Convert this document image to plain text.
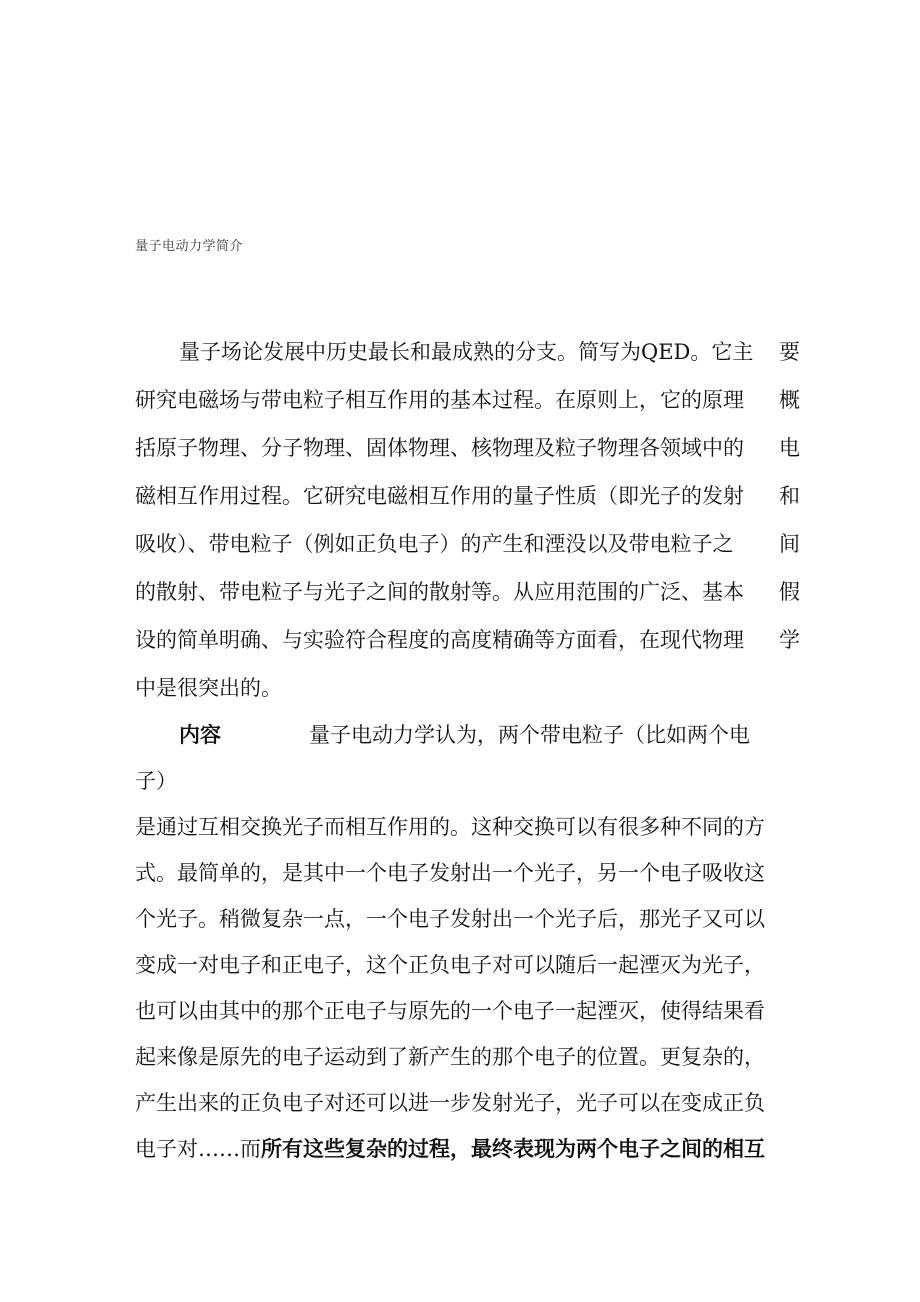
量子电动力学简介
量子场论发展中历史最长和最成熟的分支。简写为QED。它主 要
研究电磁场与带电粒子相互作用的基本过程。在原则上，它的原理 概
括原子物理、分子物理、固体物理、核物理及粒子物理各领域中的 电
磁相互作用过程。它研究电磁相互作用的量子性质（即光子的发射 和
吸收）、带电粒子（例如正负电子）的产生和湮没以及带电粒子之 间
的散射、带电粒子与光子之间的散射等。从应用范围的广泛、基本 假
设的简单明确、与实验符合程度的高度精确等方面看，在现代物理 学
中是很突出的。
内容	量子电动力学认为，两个带电粒子（比如两个电
子）
是通过互相交换光子而相互作用的。这种交换可以有很多种不同的方
式。最简单的，是其中一个电子发射出一个光子，另一个电子吸收这
个光子。稍微复杂一点，一个电子发射出一个光子后，那光子又可以
变成一对电子和正电子，这个正负电子对可以随后一起湮灭为光子，
也可以由其中的那个正电子与原先的一个电子一起湮灭，使得结果看
起来像是原先的电子运动到了新产生的那个电子的位置。更复杂的，
产生出来的正负电子对还可以进一步发射光子，光子可以在变成正负
电子对……而所有这些复杂的过程，最终表现为两个电子之间的相互
